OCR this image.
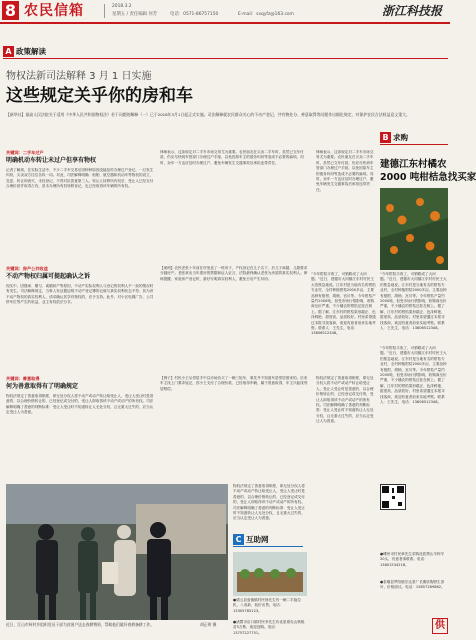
8 农民信箱	2018.3.2
星期五 / 责任编辑 何芳	电话：0571-86757150	E-mail：sxqyfz@163.com	浙江科技报
A 政策解读
物权法新司法解释 3 月 1 日实施
这些规定关乎你的房和车
【新华社】最高人民法院关于适用《中华人民共和国物权法》若干问题的解释（一）已于2018年3月1日起正式实施。司法解释就农民群众关心的不动产登记、共有物处分、善意取得等问题作出细化规定，对保护农民合法权益意义重大。
关键词：二手车过户
明确机动车转让未过户但享有物权
记者了解到，在实际生活中，不少二手车交易后因种种原因没能及时办理过户登记，一旦发生纠纷，买卖双方往往各执一词。对此，司法解释明确：船舶、航空器和机动车等物权的设立、变更、转让和消灭，未经登记，不得对抗善意第三人。转让人转移所有权后，受让人已经支付合理价款并取得占有，虽未办理所有权转移登记，也已经取得该车辆的所有权。
律师表示，这条规定对二手车市场交易尤为重要。农民朋友在买卖二手车时，虽然已交车付款，仍应尽快到车管部门办理过户手续，以免因原车主的债务纠纷等造成不必要的麻烦。同时，卖车一方也应及时办理过户，避免车辆发生交通事故后承担连带责任。
律师表示，这条规定对二手车市场交易尤为重要。农民朋友在买卖二手车时，虽然已交车付款，仍应尽快到车管部门办理过户手续，以免因原车主的债务纠纷等造成不必要的麻烦。同时，卖车一方也应及时办理过户，避免车辆发生交通事故后承担连带责任。
关键词：房产公共收益
不动产物权归属可提起确认之诉
现实中，因继承、赠与、离婚析产等原因，不动产实际权利人与登记的权利人不一致的情况时有发生。司法解释规定，当事人有证据证明不动产登记簿的记载与真实权利状态不符、其为该不动产物权的真实权利人，请求确认其享有物权的，应予支持。此外，对小区电梯广告、公共停车位等产生的收益，业主有权依法分享。
【案例】农民老张十年前在村里盖了一栋房子，产权登记在儿子名下，后儿子离婚，儿媳要求分割房产。老张拿出当年建房的票据和证人证言，法院最终确认老张为房屋的真实权利人。律师提醒，家庭房产登记时，最好写明真实权利人，避免日后产生纠纷。
关键词：善意取得
何为善意取得有了明确规定
物权法规定了善意取得制度，即无处分权人将不动产或动产转让给受让人，受让人受让时是善意的、以合理价格转让的、已经登记或交付的，受让人即取得该不动产或动产的所有权。司法解释明确了善意的判断标准：受让人受让时不知道转让人无处分权，且无重大过失的，应当认定受让人为善意。
【例子】村民小王从邻居手中以市场价买了一辆三轮车，事先并不知道车是邻居借来的。后来车主找上门要求返还，因小王支付了合理价款、已经取得车辆，属于善意取得，车主只能找邻居赔偿。
物权法规定了善意取得制度，即无处分权人将不动产或动产转让给受让人，受让人受让时是善意的、以合理价格转让的、已经登记或交付的，受让人即取得该不动产或动产的所有权。司法解释明确了善意的判断标准：受让人受让时不知道转让人无处分权，且无重大过失的，应当认定受让人为善意。
近日，江山市柯村乡组织党员干部为贫困户送去春耕物资，帮助他们做好春耕备耕工作。	胡正明 摄
物权法规定了善意取得制度，即无处分权人将不动产或动产转让给受让人，受让人受让时是善意的、以合理价格转让的、已经登记或交付的，受让人即取得该不动产或动产的所有权。司法解释明确了善意的判断标准：受让人受让时不知道转让人无处分权，且无重大过失的，应当认定受让人为善意。
B 求购
建德江东村橘农
2000 吨柑桔急找买家
“今年柑桔丰收了，可销路成了大问题。”近日，建德市大同镇江东村村民王大伯焦急地说。江东村是当地有名的柑桔专业村，全村种植柑桔2000多亩，主要品种有椪柑、胡柚、宫川等。今年柑桔产量约2000吨，但受市场行情影响，收购商压价严重，不少橘农的柑桔还挂在树上。据了解，江东村的柑桔果形端正、色泽鲜艳、甜度高，品质较好。村里希望通过本报寻找客商，欢迎有意者前来实地考察。联系人：王先生，电话：13806512348。
“今年柑桔丰收了，可销路成了大问题。”近日，建德市大同镇江东村村民王大伯焦急地说。江东村是当地有名的柑桔专业村，全村种植柑桔2000多亩，主要品种有椪柑、胡柚、宫川等。今年柑桔产量约2000吨，但受市场行情影响，收购商压价严重，不少橘农的柑桔还挂在树上。据了解，江东村的柑桔果形端正、色泽鲜艳、甜度高，品质较好。村里希望通过本报寻找客商，欢迎有意者前来实地考察。联系人：王先生，电话：13806512348。
“今年柑桔丰收了，可销路成了大问题。”近日，建德市大同镇江东村村民王大伯焦急地说。江东村是当地有名的柑桔专业村，全村种植柑桔2000多亩，主要品种有椪柑、胡柚、宫川等。今年柑桔产量约2000吨，但受市场行情影响，收购商压价严重，不少橘农的柑桔还挂在树上。据了解，江东村的柑桔果形端正、色泽鲜艳、甜度高，品质较好。村里希望通过本报寻找客商，欢迎有意者前来实地考察。联系人：王先生，电话：13806512348。
C 互助网
●缙云县壶镇镇村民徐先生有一辆二手拖拉机，八成新，低价出售。电话：13305785123。
●诸暨市店口镇村民李先生有优质薄壳山核桃苗5万株，欢迎选购。电话：13757227751。
●嵊州市村民章先生求购优质黑山羊种羊20头，有意者请联系。电话：13801534218。
●泰顺县罗阳镇宏达茶厂长期收购野生茶叶，价格面议。电话：15857269862。
供
